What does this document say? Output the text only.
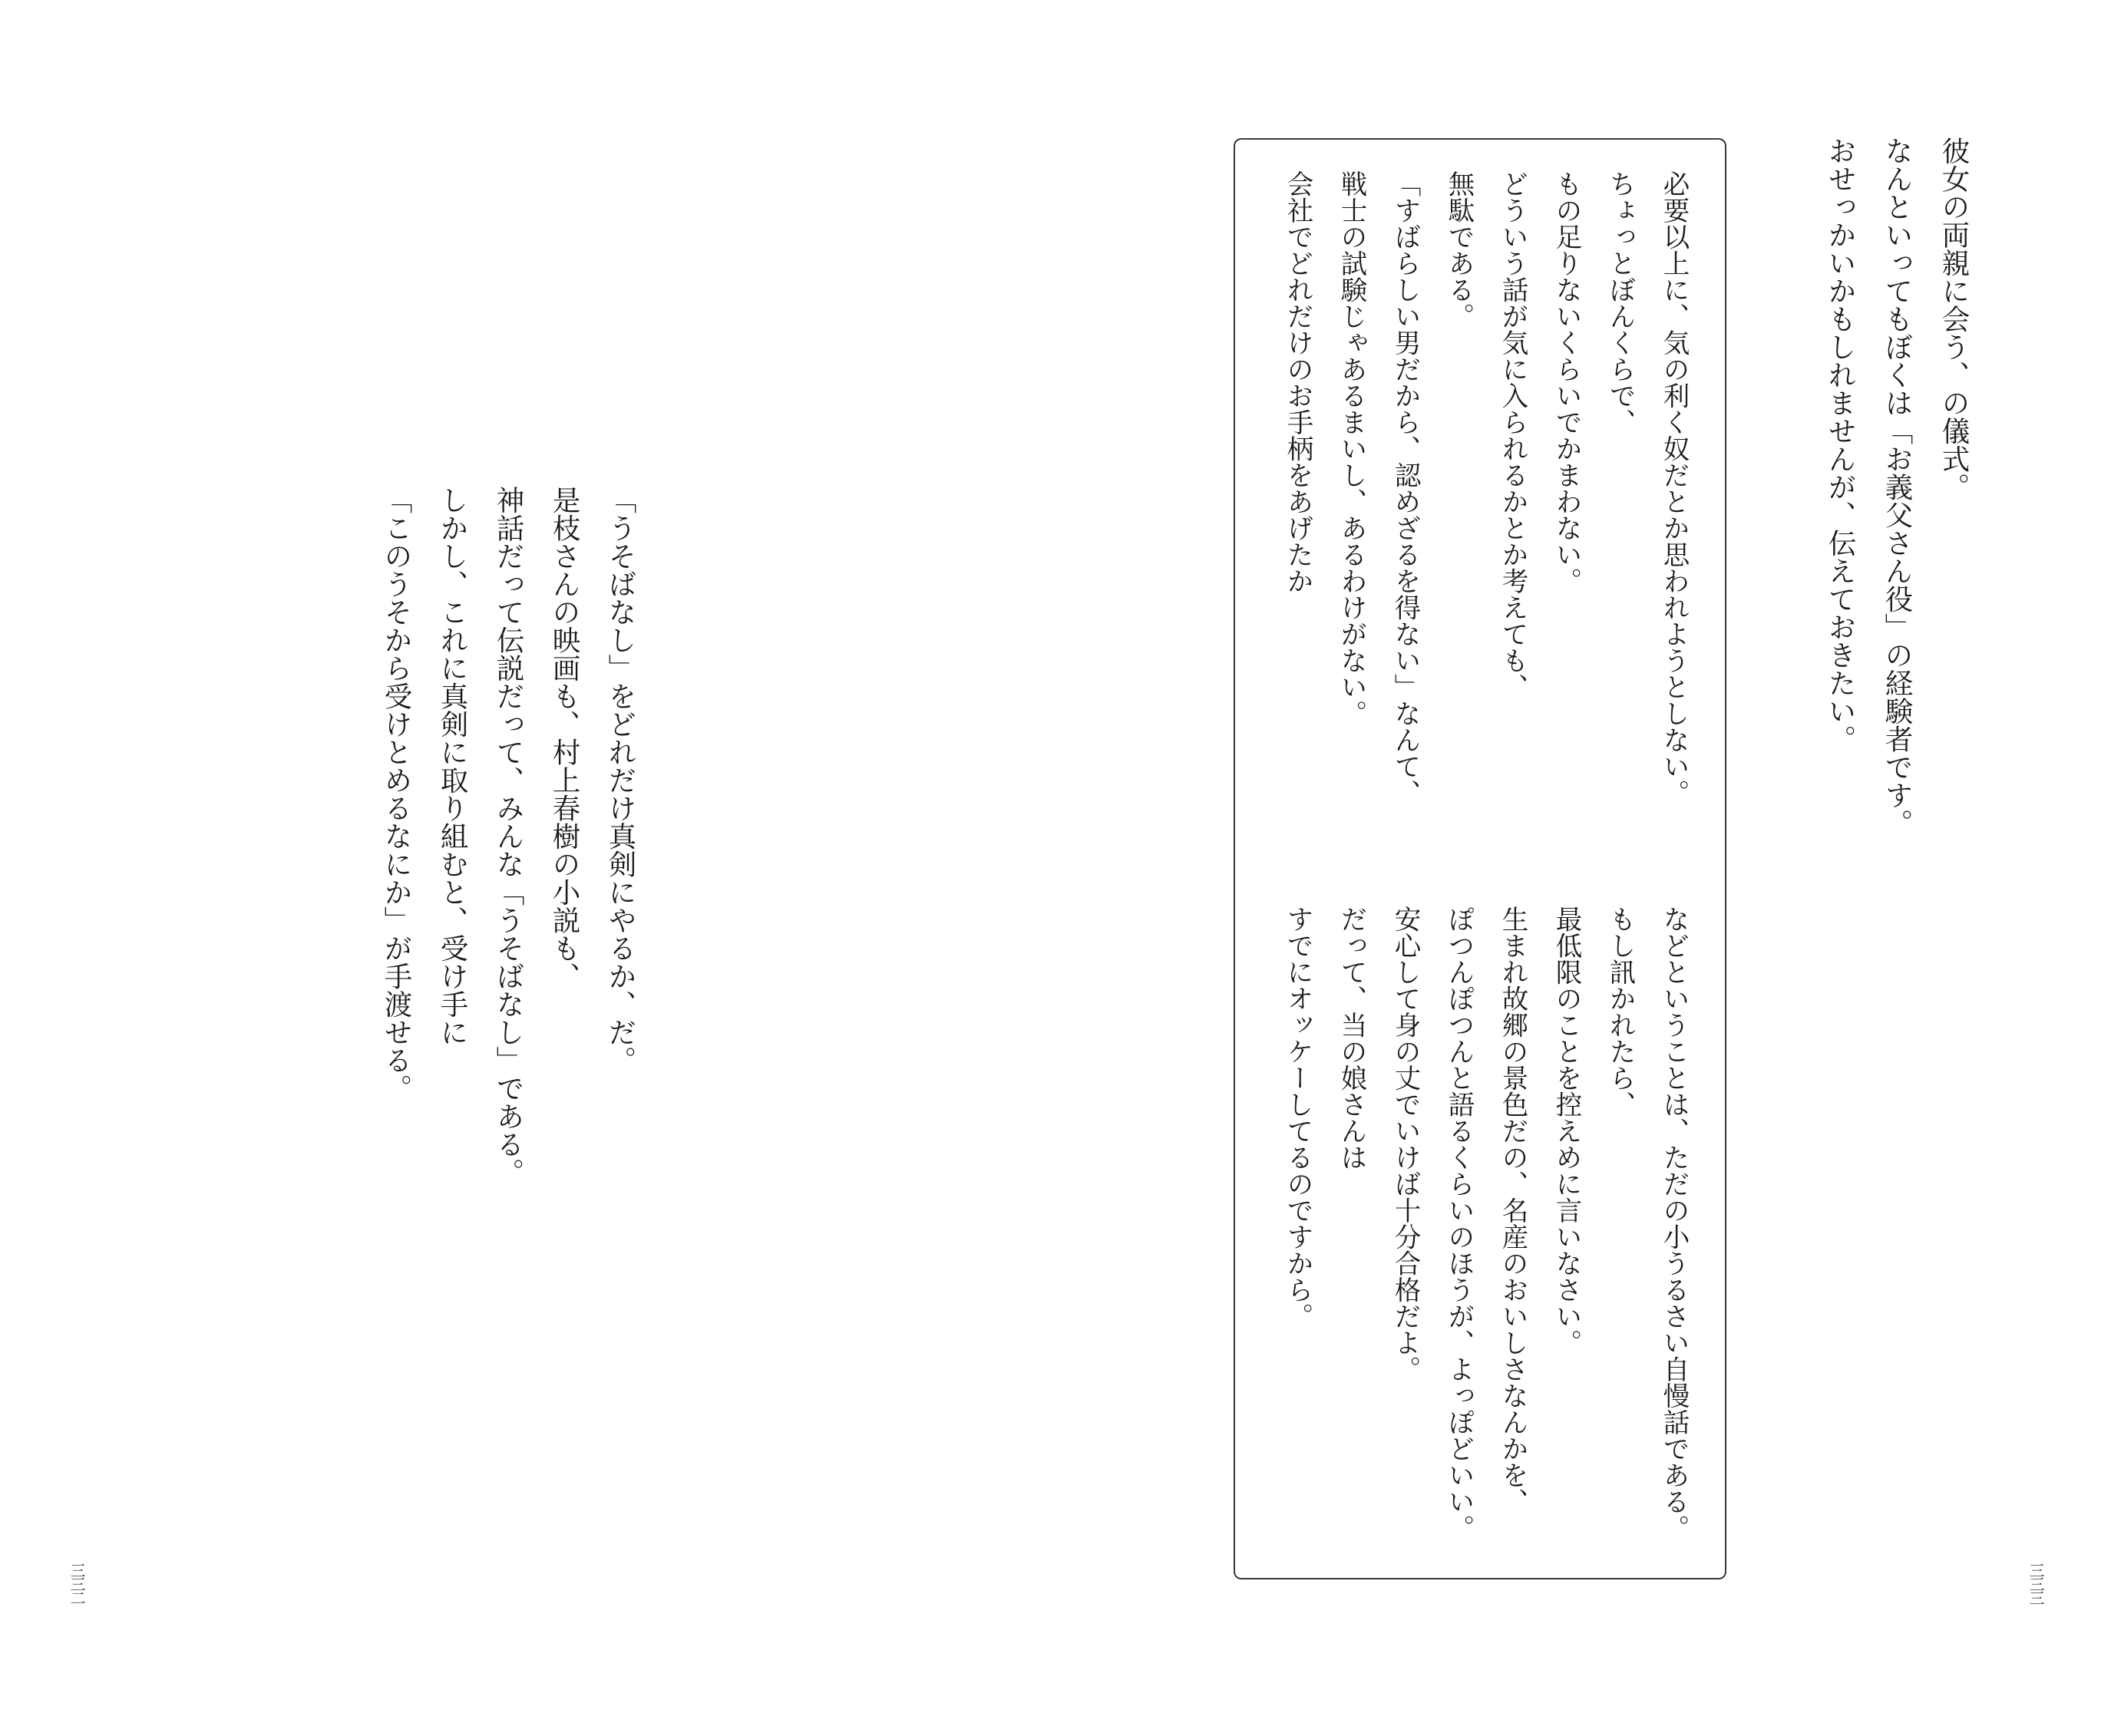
彼女の両親に会う、の儀式。
なんといってもぼくは「お義父さん役」の経験者です。
おせっかいかもしれませんが、伝えておきたい。
必要以上に、気の利く奴だとか思われようとしない。
ちょっとぼんくらで、
もの足りないくらいでかまわない。
どういう話が気に入られるかとか考えても、
無駄である。
「すばらしい男だから、認めざるを得ない」なんて、
戦士の試験じゃあるまいし、あるわけがない。
会社でどれだけのお手柄をあげたか
などということは、ただの小うるさい自慢話である。
もし訊かれたら、
最低限のことを控えめに言いなさい。
生まれ故郷の景色だの、名産のおいしさなんかを、
ぽつんぽつんと語るくらいのほうが、よっぽどいい。
安心して身の丈でいけば十分合格だよ。
だって、当の娘さんは
すでにオッケーしてるのですから。
「うそばなし」をどれだけ真剣にやるか、だ。
是枝さんの映画も、村上春樹の小説も、
神話だって伝説だって、みんな「うそばなし」である。
しかし、これに真剣に取り組むと、受け手に
「このうそから受けとめるなにか」が手渡せる。
三三二	三三三
